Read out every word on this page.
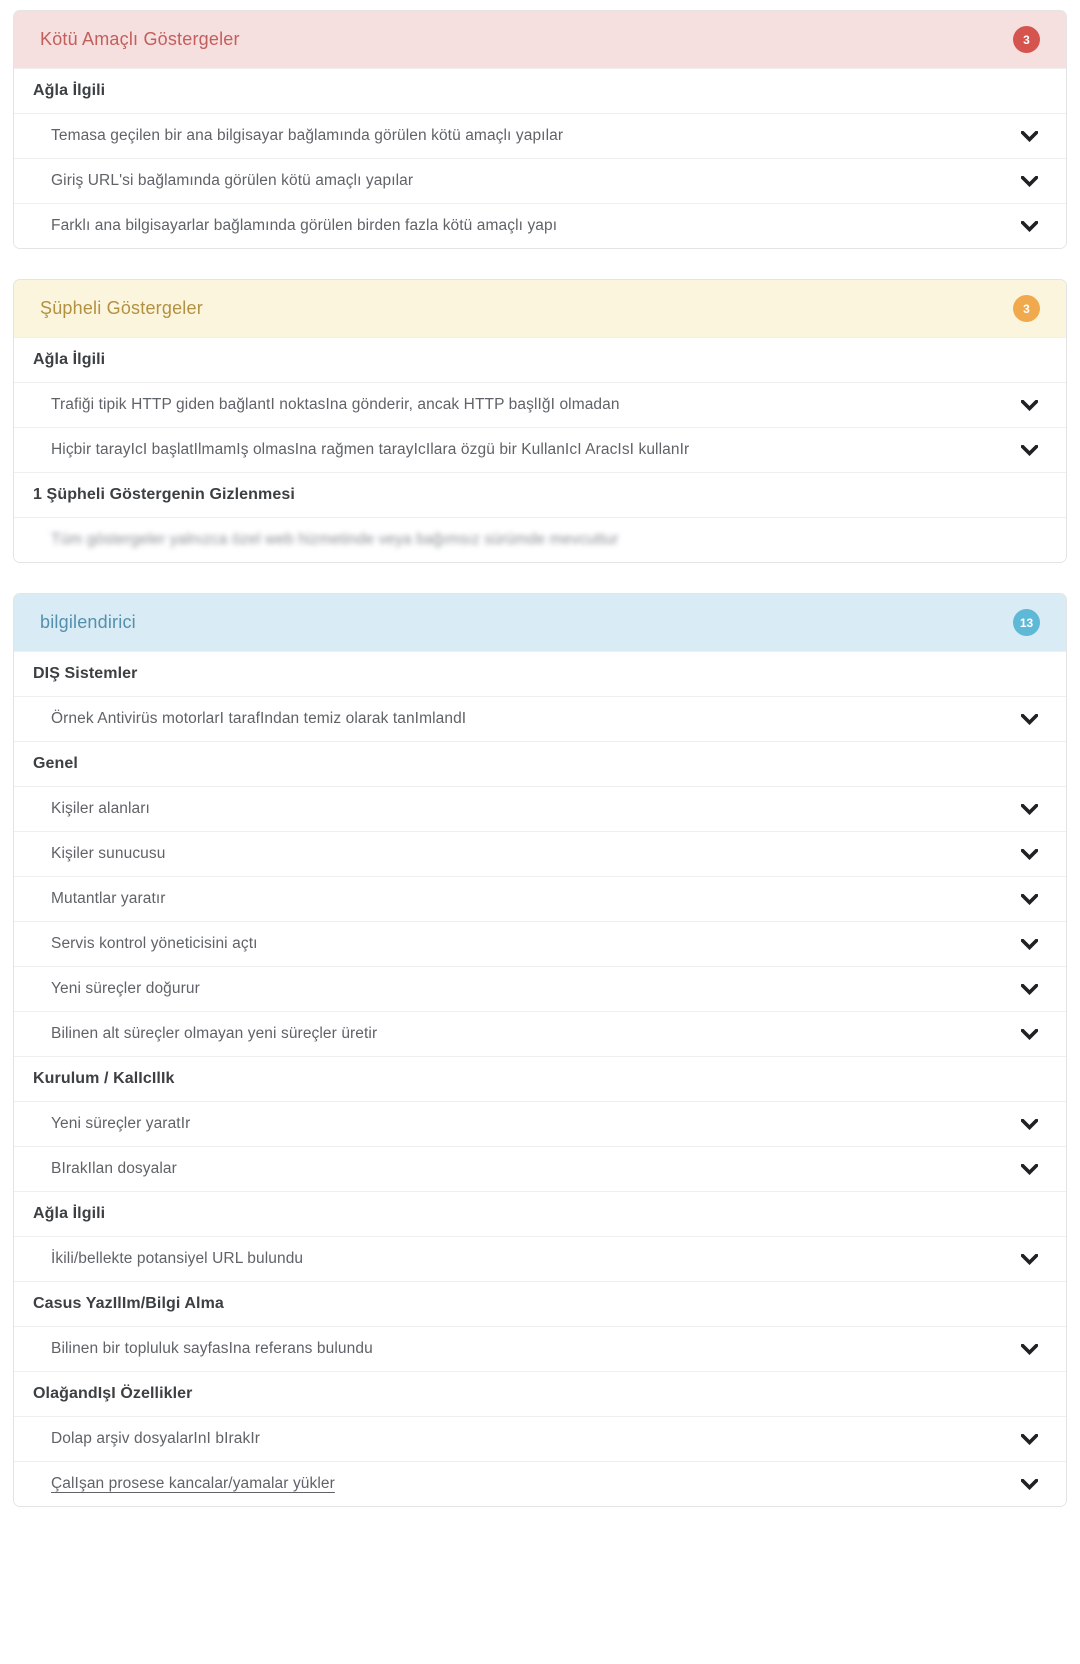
Kötü Amaçlı Göstergeler	3
Ağla İlgili
Temasa geçilen bir ana bilgisayar bağlamında görülen kötü amaçlı yapılar
Giriş URL'si bağlamında görülen kötü amaçlı yapılar
Farklı ana bilgisayarlar bağlamında görülen birden fazla kötü amaçlı yapı
Şüpheli Göstergeler	3
Ağla İlgili
Trafiği tipik HTTP giden bağlantI noktasIna gönderir, ancak HTTP başlIğI olmadan
Hiçbir tarayIcI başlatIlmamIş olmasIna rağmen tarayIcIlara özgü bir KullanIcI AracIsI kullanIr
1 Şüpheli Göstergenin Gizlenmesi
Tüm göstergeler yalnızca özel web hizmetinde veya bağımsız sürümde mevcuttur
bilgilendirici	13
DIŞ Sistemler
Örnek Antivirüs motorlarI tarafIndan temiz olarak tanImlandI
Genel
Kişiler alanları
Kişiler sunucusu
Mutantlar yaratır
Servis kontrol yöneticisini açtı
Yeni süreçler doğurur
Bilinen alt süreçler olmayan yeni süreçler üretir
Kurulum / KalIcIlIk
Yeni süreçler yaratIr
BIrakIlan dosyalar
Ağla İlgili
İkili/bellekte potansiyel URL bulundu
Casus YazIlIm/Bilgi Alma
Bilinen bir topluluk sayfasIna referans bulundu
OlağandIşI Özellikler
Dolap arşiv dosyalarInI bIrakIr
ÇalIşan prosese kancalar/yamalar yükler
